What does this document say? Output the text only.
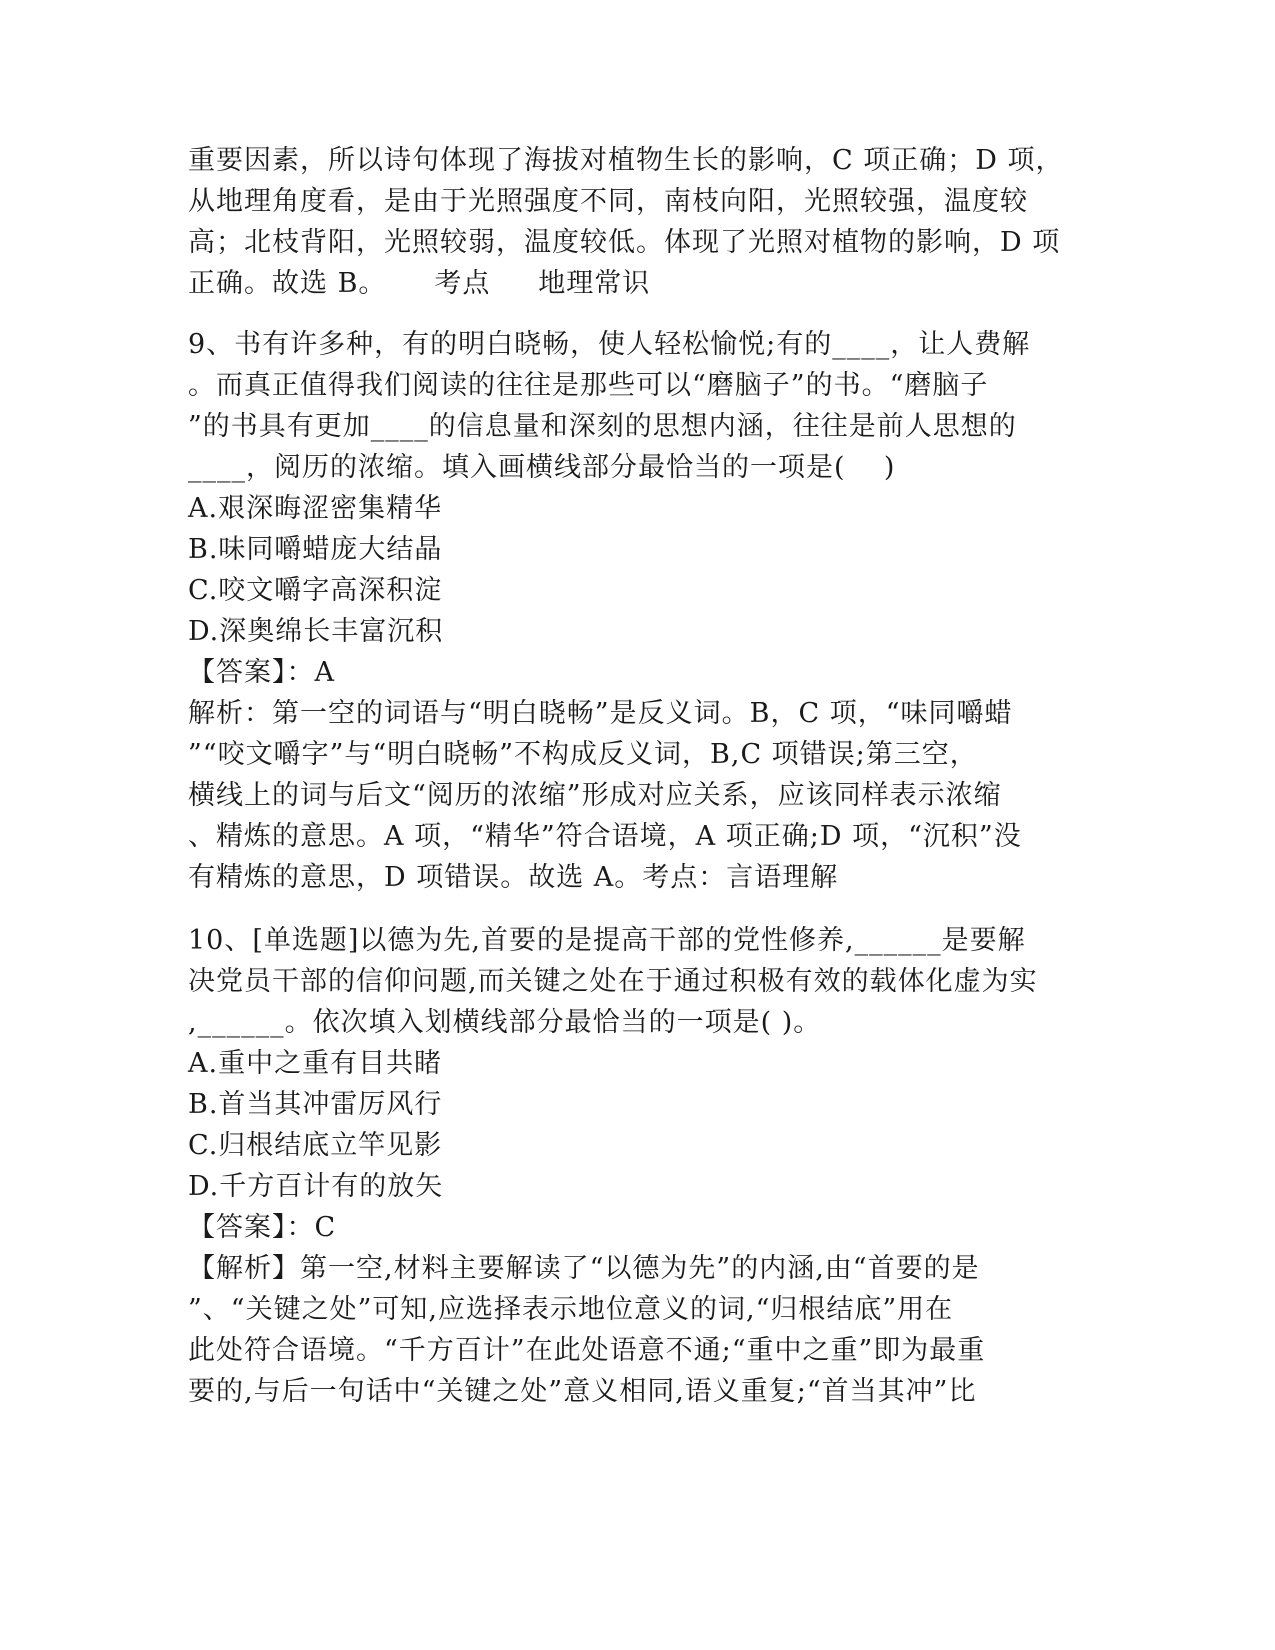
重要因素，所以诗句体现了海拔对植物生长的影响，C 项正确；D 项，
从地理角度看，是由于光照强度不同，南枝向阳，光照较强，温度较
高；北枝背阳，光照较弱，温度较低。体现了光照对植物的影响，D 项
正确。故选 B。     考点     地理常识
9、书有许多种，有的明白晓畅，使人轻松愉悦;有的____，让人费解
。而真正值得我们阅读的往往是那些可以“磨脑子”的书。“磨脑子
”的书具有更加____的信息量和深刻的思想内涵，往往是前人思想的
____，阅历的浓缩。填入画横线部分最恰当的一项是(    )
A.艰深晦涩密集精华
B.味同嚼蜡庞大结晶
C.咬文嚼字高深积淀
D.深奥绵长丰富沉积
【答案】：A
解析：第一空的词语与“明白晓畅”是反义词。B，C 项，“味同嚼蜡
”“咬文嚼字”与“明白晓畅”不构成反义词，B,C 项错误;第三空，
横线上的词与后文“阅历的浓缩”形成对应关系，应该同样表示浓缩
、精炼的意思。A 项，“精华”符合语境，A 项正确;D 项，“沉积”没
有精炼的意思，D 项错误。故选 A。考点：言语理解
10、[单选题]以德为先,首要的是提高干部的党性修养,______是要解
决党员干部的信仰问题,而关键之处在于通过积极有效的载体化虚为实
,______。依次填入划横线部分最恰当的一项是( )。
A.重中之重有目共睹
B.首当其冲雷厉风行
C.归根结底立竿见影
D.千方百计有的放矢
【答案】：C
【解析】第一空,材料主要解读了“以德为先”的内涵,由“首要的是
”、“关键之处”可知,应选择表示地位意义的词,“归根结底”用在
此处符合语境。“千方百计”在此处语意不通;“重中之重”即为最重
要的,与后一句话中“关键之处”意义相同,语义重复;“首当其冲”比
